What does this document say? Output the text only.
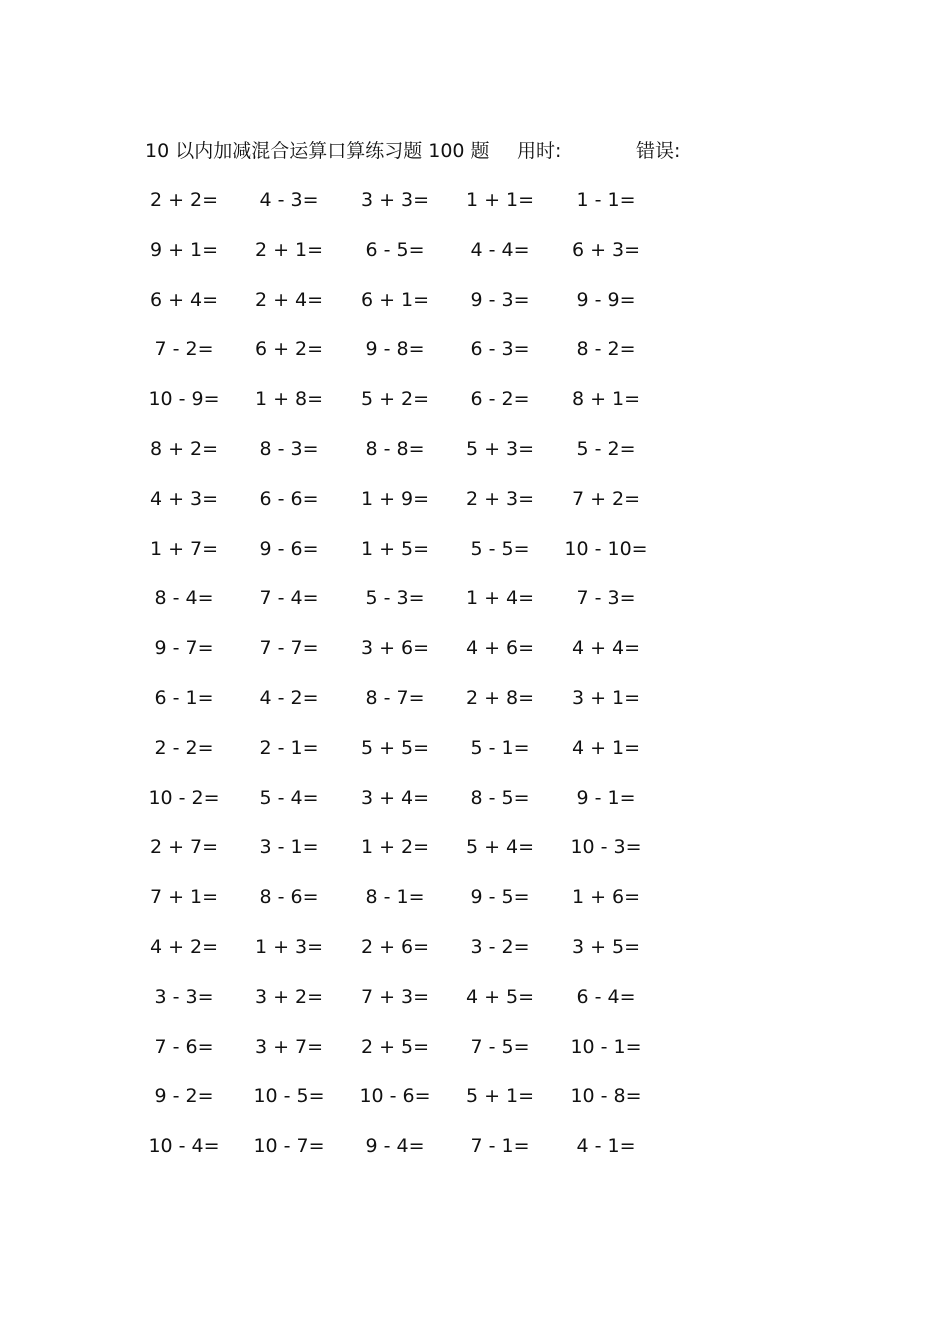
10 以内加减混合运算口算练习题 100 题 用时:	错误:
2 + 2= 4 - 3= 3 + 3= 1 + 1= 1 - 1=
9 + 1= 2 + 1= 6 - 5= 4 - 4= 6 + 3=
6 + 4= 2 + 4= 6 + 1= 9 - 3= 9 - 9=
7 - 2= 6 + 2= 9 - 8= 6 - 3= 8 - 2=
10 - 9= 1 + 8= 5 + 2= 6 - 2= 8 + 1=
8 + 2= 8 - 3= 8 - 8= 5 + 3= 5 - 2=
4 + 3= 6 - 6= 1 + 9= 2 + 3= 7 + 2=
1 + 7= 9 - 6= 1 + 5= 5 - 5= 10 - 10=
8 - 4= 7 - 4= 5 - 3= 1 + 4= 7 - 3=
9 - 7= 7 - 7= 3 + 6= 4 + 6= 4 + 4=
6 - 1= 4 - 2= 8 - 7= 2 + 8= 3 + 1=
2 - 2= 2 - 1= 5 + 5= 5 - 1= 4 + 1=
10 - 2= 5 - 4= 3 + 4= 8 - 5= 9 - 1=
2 + 7= 3 - 1= 1 + 2= 5 + 4= 10 - 3=
7 + 1= 8 - 6= 8 - 1= 9 - 5= 1 + 6=
4 + 2= 1 + 3= 2 + 6= 3 - 2= 3 + 5=
3 - 3= 3 + 2= 7 + 3= 4 + 5= 6 - 4=
7 - 6= 3 + 7= 2 + 5= 7 - 5= 10 - 1=
9 - 2= 10 - 5= 10 - 6= 5 + 1= 10 - 8=
10 - 4= 10 - 7= 9 - 4= 7 - 1= 4 - 1=
